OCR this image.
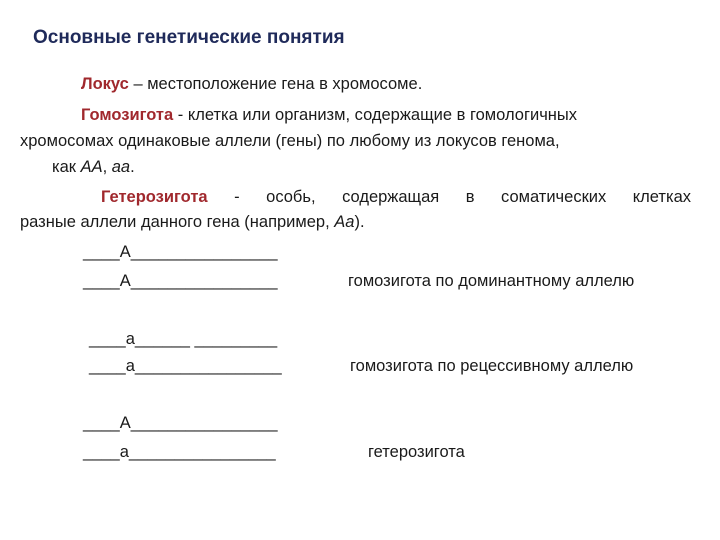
Основные генетические понятия
Локус – местоположение гена в хромосоме.
Гомозигота - клетка или организм, содержащие в гомологичных
хромосомах одинаковые аллели (гены) по любому из локусов генома,
как АА, аа.
Гетерозигота - особь, содержащая в соматических клетках
разные аллели данного гена (например, Аа).
____А________________
____А________________	гомозигота по доминантному аллелю
____а______ _________
____а________________	гомозигота по рецессивному аллелю
____А________________
____а________________	гетерозигота
